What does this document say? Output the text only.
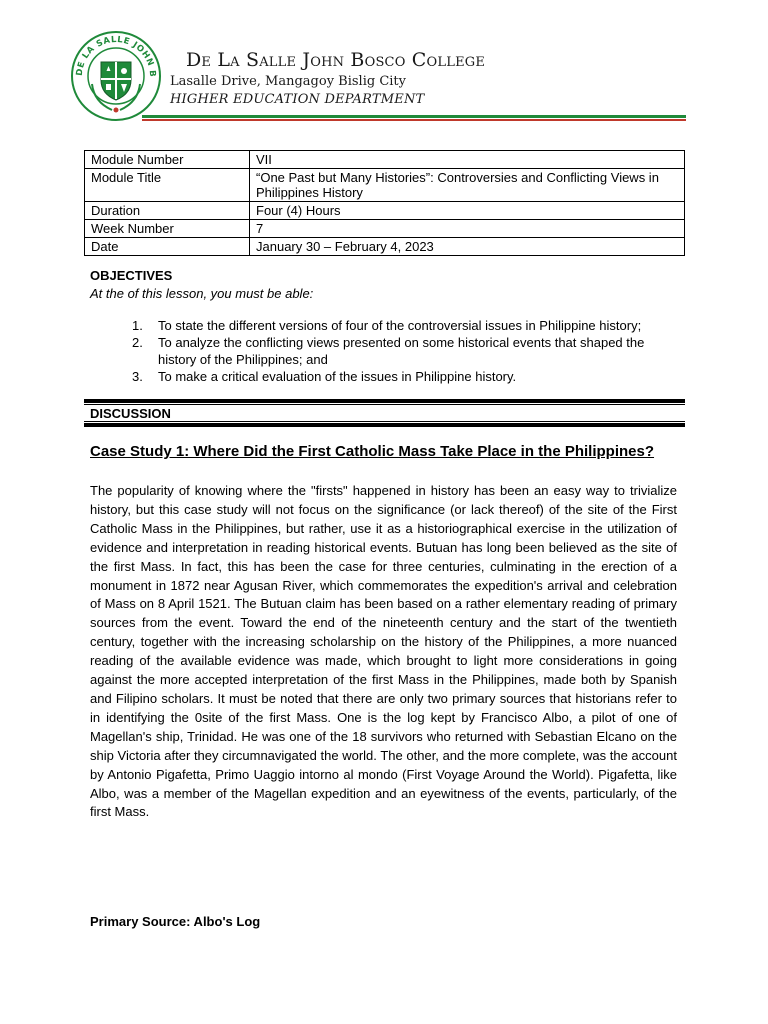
DE LA SALLE JOHN B
De La Salle John Bosco College
Lasalle Drive, Mangagoy Bislig City
HIGHER EDUCATION DEPARTMENT
Module Number	VII
Module Title	“One Past but Many Histories”: Controversies and Conflicting Views in Philippines History
Duration	Four (4) Hours
Week Number	7
Date	January 30 – February 4, 2023
OBJECTIVES
At the of this lesson, you must be able:
1. To state the different versions of four of the controversial issues in Philippine history;
2. To analyze the conflicting views presented on some historical events that shaped the history of the Philippines; and
3. To make a critical evaluation of the issues in Philippine history.
DISCUSSION
Case Study 1: Where Did the First Catholic Mass Take Place in the Philippines?

The popularity of knowing where the "firsts" happened in history has been an easy way to trivialize history, but this case study will not focus on the significance (or lack thereof) of the site of the First Catholic Mass in the Philippines, but rather, use it as a historiographical exercise in the utilization of evidence and interpretation in reading historical events. Butuan has long been believed as the site of the first Mass. In fact, this has been the case for three centuries, culminating in the erection of a monument in 1872 near Agusan River, which commemorates the expedition's arrival and celebration of Mass on 8 April 1521. The Butuan claim has been based on a rather elementary reading of primary sources from the event. Toward the end of the nineteenth century and the start of the twentieth century, together with the increasing scholarship on the history of the Philippines, a more nuanced reading of the available evidence was made, which brought to light more considerations in going against the more accepted interpretation of the first Mass in the Philippines, made both by Spanish and Filipino scholars. It must be noted that there are only two primary sources that historians refer to in identifying the 0site of the first Mass. One is the log kept by Francisco Albo, a pilot of one of Magellan's ship, Trinidad. He was one of the 18 survivors who returned with Sebastian Elcano on the ship Victoria after they circumnavigated the world. The other, and the more complete, was the account by Antonio Pigafetta, Primo Uaggio intorno al mondo (First Voyage Around the World). Pigafetta, like Albo, was a member of the Magellan expedition and an eyewitness of the events, particularly, of the first Mass.

Primary Source: Albo's Log
